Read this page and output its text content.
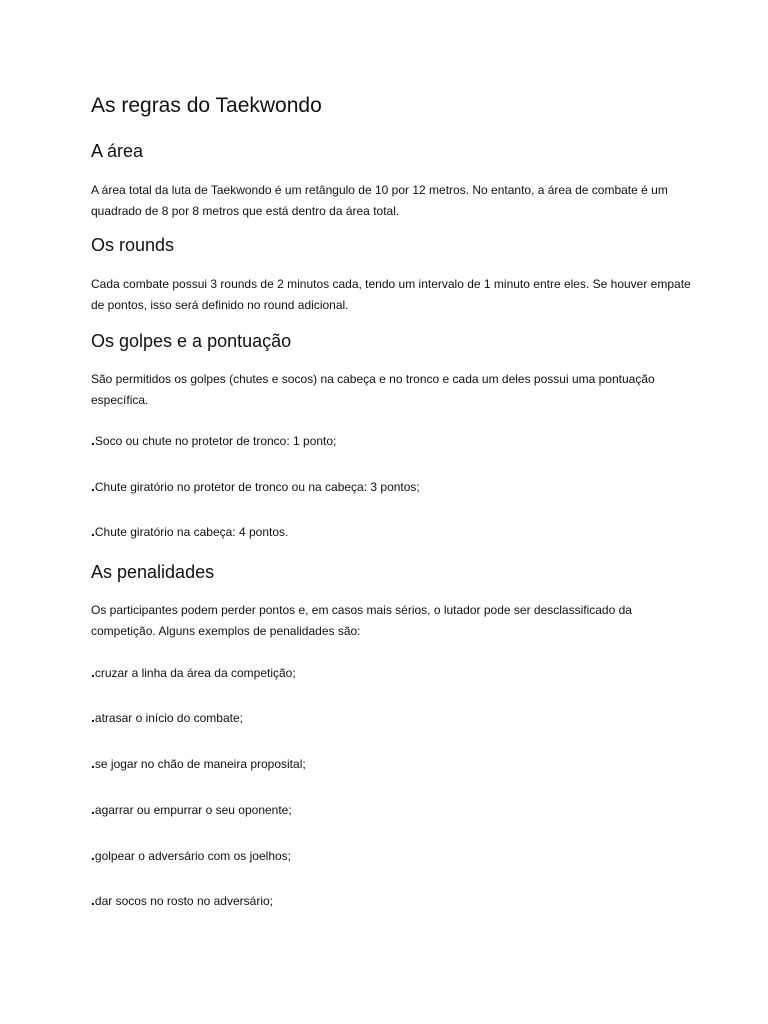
As regras do Taekwondo
A área

A área total da luta de Taekwondo é um retângulo de 10 por 12 metros. No entanto, a área de combate é um quadrado de 8 por 8 metros que está dentro da área total.

Os rounds

Cada combate possui 3 rounds de 2 minutos cada, tendo um intervalo de 1 minuto entre eles. Se houver empate de pontos, isso será definido no round adicional.

Os golpes e a pontuação

São permitidos os golpes (chutes e socos) na cabeça e no tronco e cada um deles possui uma pontuação específica.

.Soco ou chute no protetor de tronco: 1 ponto;

.Chute giratório no protetor de tronco ou na cabeça: 3 pontos;

.Chute giratório na cabeça: 4 pontos.

As penalidades

Os participantes podem perder pontos e, em casos mais sérios, o lutador pode ser desclassificado da competição. Alguns exemplos de penalidades são:

.cruzar a linha da área da competição;

.atrasar o início do combate;

.se jogar no chão de maneira proposital;

.agarrar ou empurrar o seu oponente;

.golpear o adversário com os joelhos;

.dar socos no rosto no adversário;
